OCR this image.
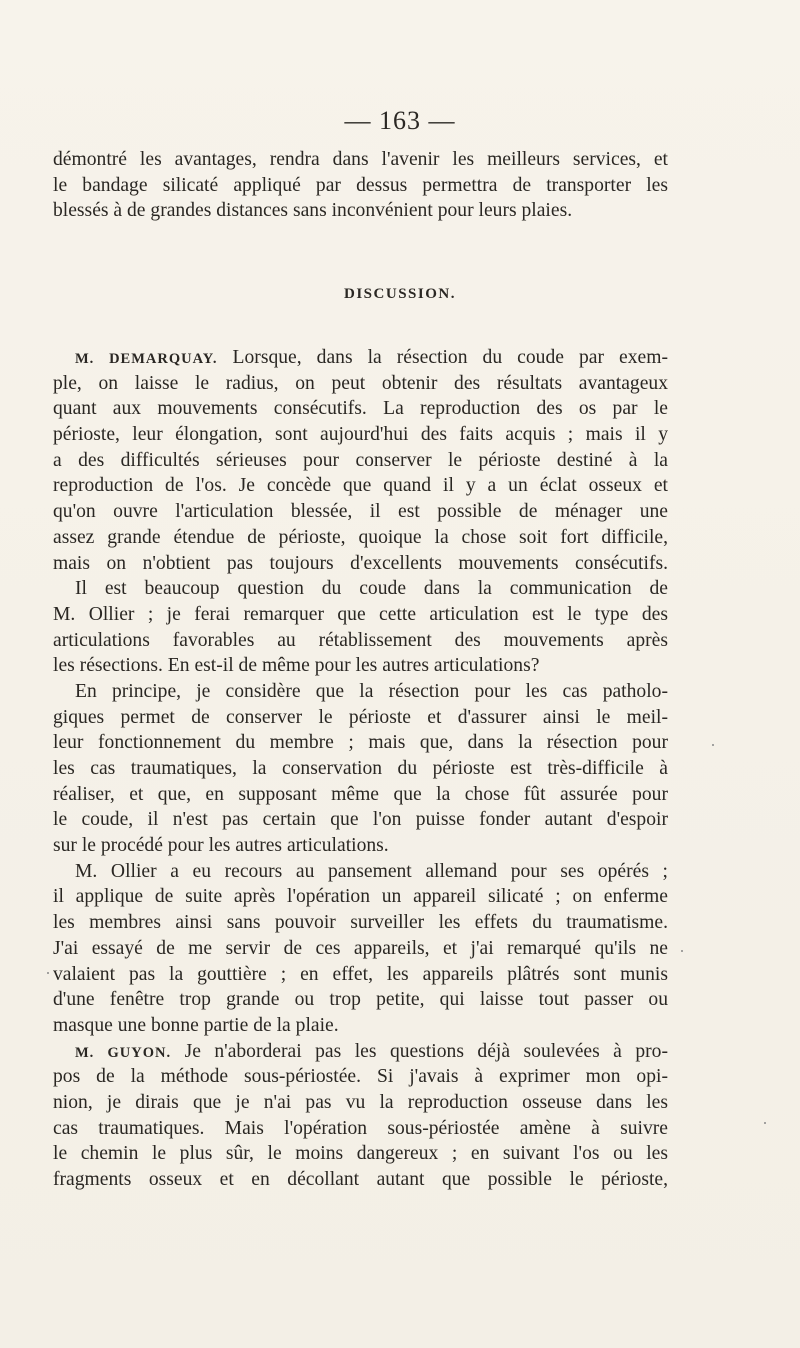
— 163 —
démontré les avantages, rendra dans l'avenir les meilleurs services, et
le bandage silicaté appliqué par dessus permettra de transporter les
blessés à de grandes distances sans inconvénient pour leurs plaies.
DISCUSSION.
M. DEMARQUAY. Lorsque, dans la résection du coude par exem-
ple, on laisse le radius, on peut obtenir des résultats avantageux
quant aux mouvements consécutifs. La reproduction des os par le
périoste, leur élongation, sont aujourd'hui des faits acquis ; mais il y
a des difficultés sérieuses pour conserver le périoste destiné à la
reproduction de l'os. Je concède que quand il y a un éclat osseux et
qu'on ouvre l'articulation blessée, il est possible de ménager une
assez grande étendue de périoste, quoique la chose soit fort difficile,
mais on n'obtient pas toujours d'excellents mouvements consécutifs.
Il est beaucoup question du coude dans la communication de
M. Ollier ; je ferai remarquer que cette articulation est le type des
articulations favorables au rétablissement des mouvements après
les résections. En est-il de même pour les autres articulations?
En principe, je considère que la résection pour les cas patholo-
giques permet de conserver le périoste et d'assurer ainsi le meil-
leur fonctionnement du membre ; mais que, dans la résection pour
les cas traumatiques, la conservation du périoste est très-difficile à
réaliser, et que, en supposant même que la chose fût assurée pour
le coude, il n'est pas certain que l'on puisse fonder autant d'espoir
sur le procédé pour les autres articulations.
M. Ollier a eu recours au pansement allemand pour ses opérés ;
il applique de suite après l'opération un appareil silicaté ; on enferme
les membres ainsi sans pouvoir surveiller les effets du traumatisme.
J'ai essayé de me servir de ces appareils, et j'ai remarqué qu'ils ne
valaient pas la gouttière ; en effet, les appareils plâtrés sont munis
d'une fenêtre trop grande ou trop petite, qui laisse tout passer ou
masque une bonne partie de la plaie.
M. GUYON. Je n'aborderai pas les questions déjà soulevées à pro-
pos de la méthode sous-périostée. Si j'avais à exprimer mon opi-
nion, je dirais que je n'ai pas vu la reproduction osseuse dans les
cas traumatiques. Mais l'opération sous-périostée amène à suivre
le chemin le plus sûr, le moins dangereux ; en suivant l'os ou les
fragments osseux et en décollant autant que possible le périoste,
